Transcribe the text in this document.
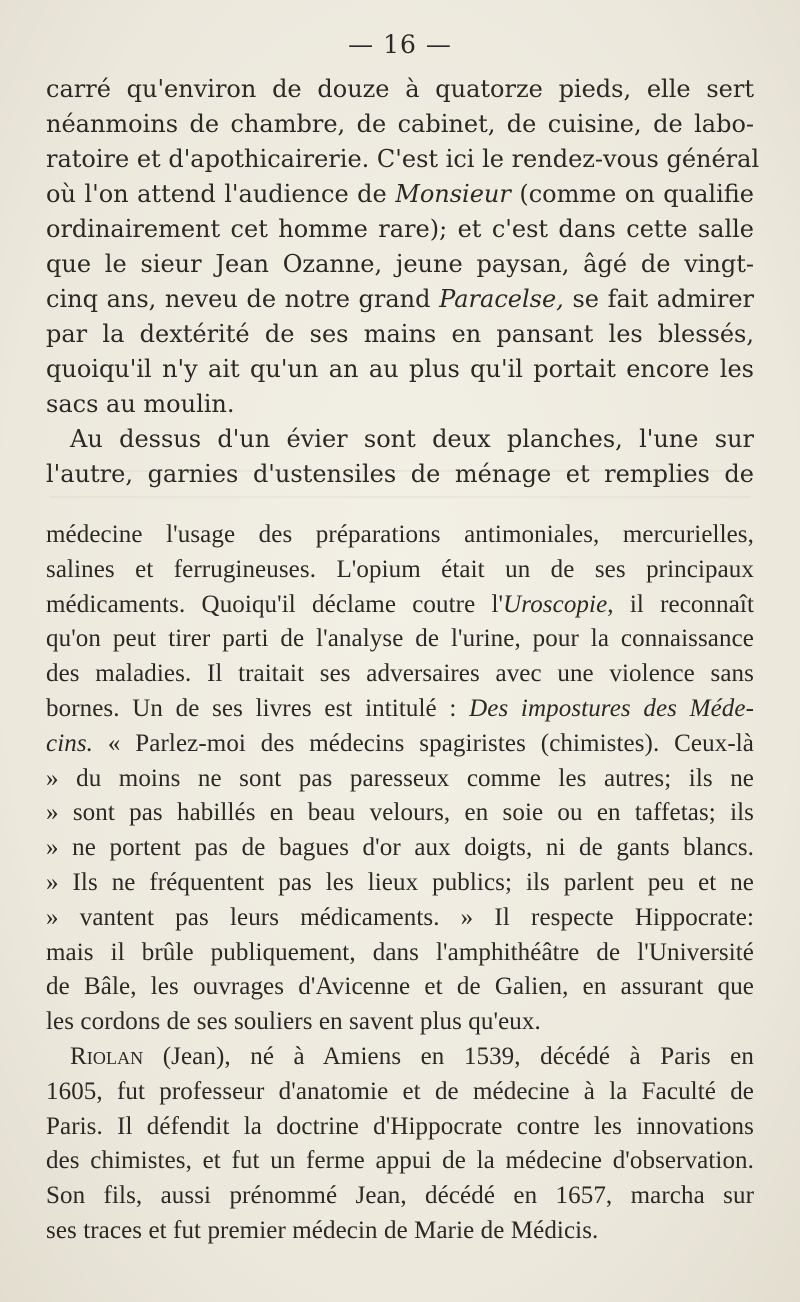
— 16 —
carré qu'environ de douze à quatorze pieds, elle sert
néanmoins de chambre, de cabinet, de cuisine, de labo-
ratoire et d'apothicairerie. C'est ici le rendez-vous général
où l'on attend l'audience de Monsieur (comme on qualifie
ordinairement cet homme rare); et c'est dans cette salle
que le sieur Jean Ozanne, jeune paysan, âgé de vingt-
cinq ans, neveu de notre grand Paracelse, se fait admirer
par la dextérité de ses mains en pansant les blessés,
quoiqu'il n'y ait qu'un an au plus qu'il portait encore les
sacs au moulin.
Au dessus d'un évier sont deux planches, l'une sur
l'autre, garnies d'ustensiles de ménage et remplies de
médecine l'usage des préparations antimoniales, mercurielles,
salines et ferrugineuses. L'opium était un de ses principaux
médicaments. Quoiqu'il déclame coutre l'Uroscopie, il reconnaît
qu'on peut tirer parti de l'analyse de l'urine, pour la connaissance
des maladies. Il traitait ses adversaires avec une violence sans
bornes. Un de ses livres est intitulé : Des impostures des Méde-
cins. « Parlez-moi des médecins spagiristes (chimistes). Ceux-là
» du moins ne sont pas paresseux comme les autres; ils ne
» sont pas habillés en beau velours, en soie ou en taffetas; ils
» ne portent pas de bagues d'or aux doigts, ni de gants blancs.
» Ils ne fréquentent pas les lieux publics; ils parlent peu et ne
» vantent pas leurs médicaments. » Il respecte Hippocrate:
mais il brûle publiquement, dans l'amphithéâtre de l'Université
de Bâle, les ouvrages d'Avicenne et de Galien, en assurant que
les cordons de ses souliers en savent plus qu'eux.
Riolan (Jean), né à Amiens en 1539, décédé à Paris en
1605, fut professeur d'anatomie et de médecine à la Faculté de
Paris. Il défendit la doctrine d'Hippocrate contre les innovations
des chimistes, et fut un ferme appui de la médecine d'observation.
Son fils, aussi prénommé Jean, décédé en 1657, marcha sur
ses traces et fut premier médecin de Marie de Médicis.
